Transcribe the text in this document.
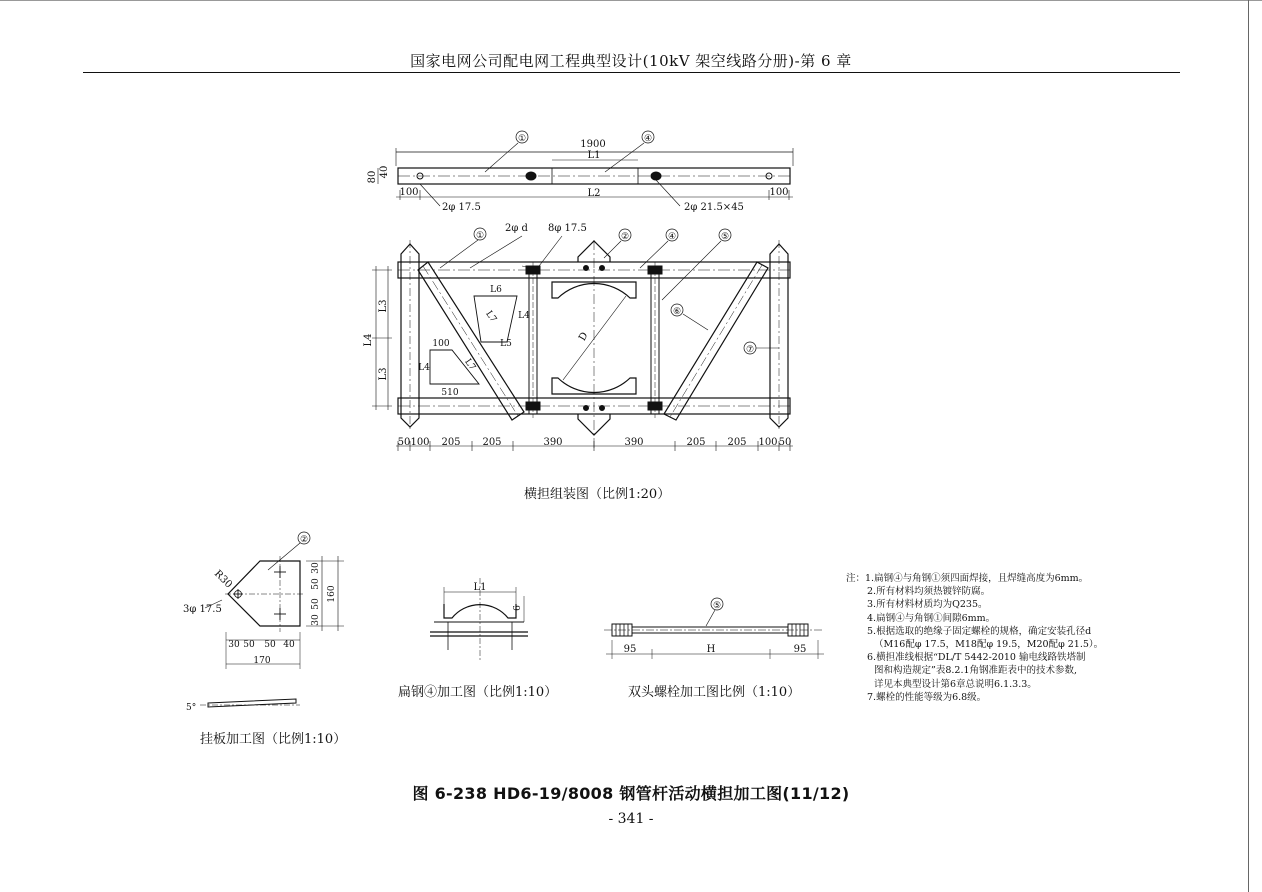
国家电网公司配电网工程典型设计(10kV 架空线路分册)-第 6 章
1900
L1
L2
100	100
80 40
2φ 17.5	2φ 21.5×45
①	④
①	②	④	⑤
⑥
⑦
2φ d 8φ 17.5
L3
L3
L4	D
L6
L4
L7
L5
100
L4	L7
510
50 100 205 205	390	390	205 205 100 50
②
R30
3φ 17.5
30
50
50
30
160
30 50 50 40
170
5°
L1
6	⑤
95	H	95
横担组装图（比例1:20）
挂板加工图（比例1:10）
扁钢④加工图（比例1:10）	双头螺栓加工图比例（1:10）
注：1.扁钢④与角钢①须四面焊接，且焊缝高度为6mm。
2.所有材料均须热镀锌防腐。
3.所有材料材质均为Q235。
4.扁钢④与角钢①间隙6mm。
5.根据选取的绝缘子固定螺栓的规格，确定安装孔径d
（M16配φ 17.5，M18配φ 19.5，M20配φ 21.5）。
6.横担准线根据“DL/T 5442-2010 输电线路铁塔制
图和构造规定”表8.2.1角钢准距表中的技术参数,
详见本典型设计第6章总说明6.1.3.3。
7.螺栓的性能等级为6.8级。
图 6-238 HD6-19/8008 钢管杆活动横担加工图(11/12)
- 341 -
